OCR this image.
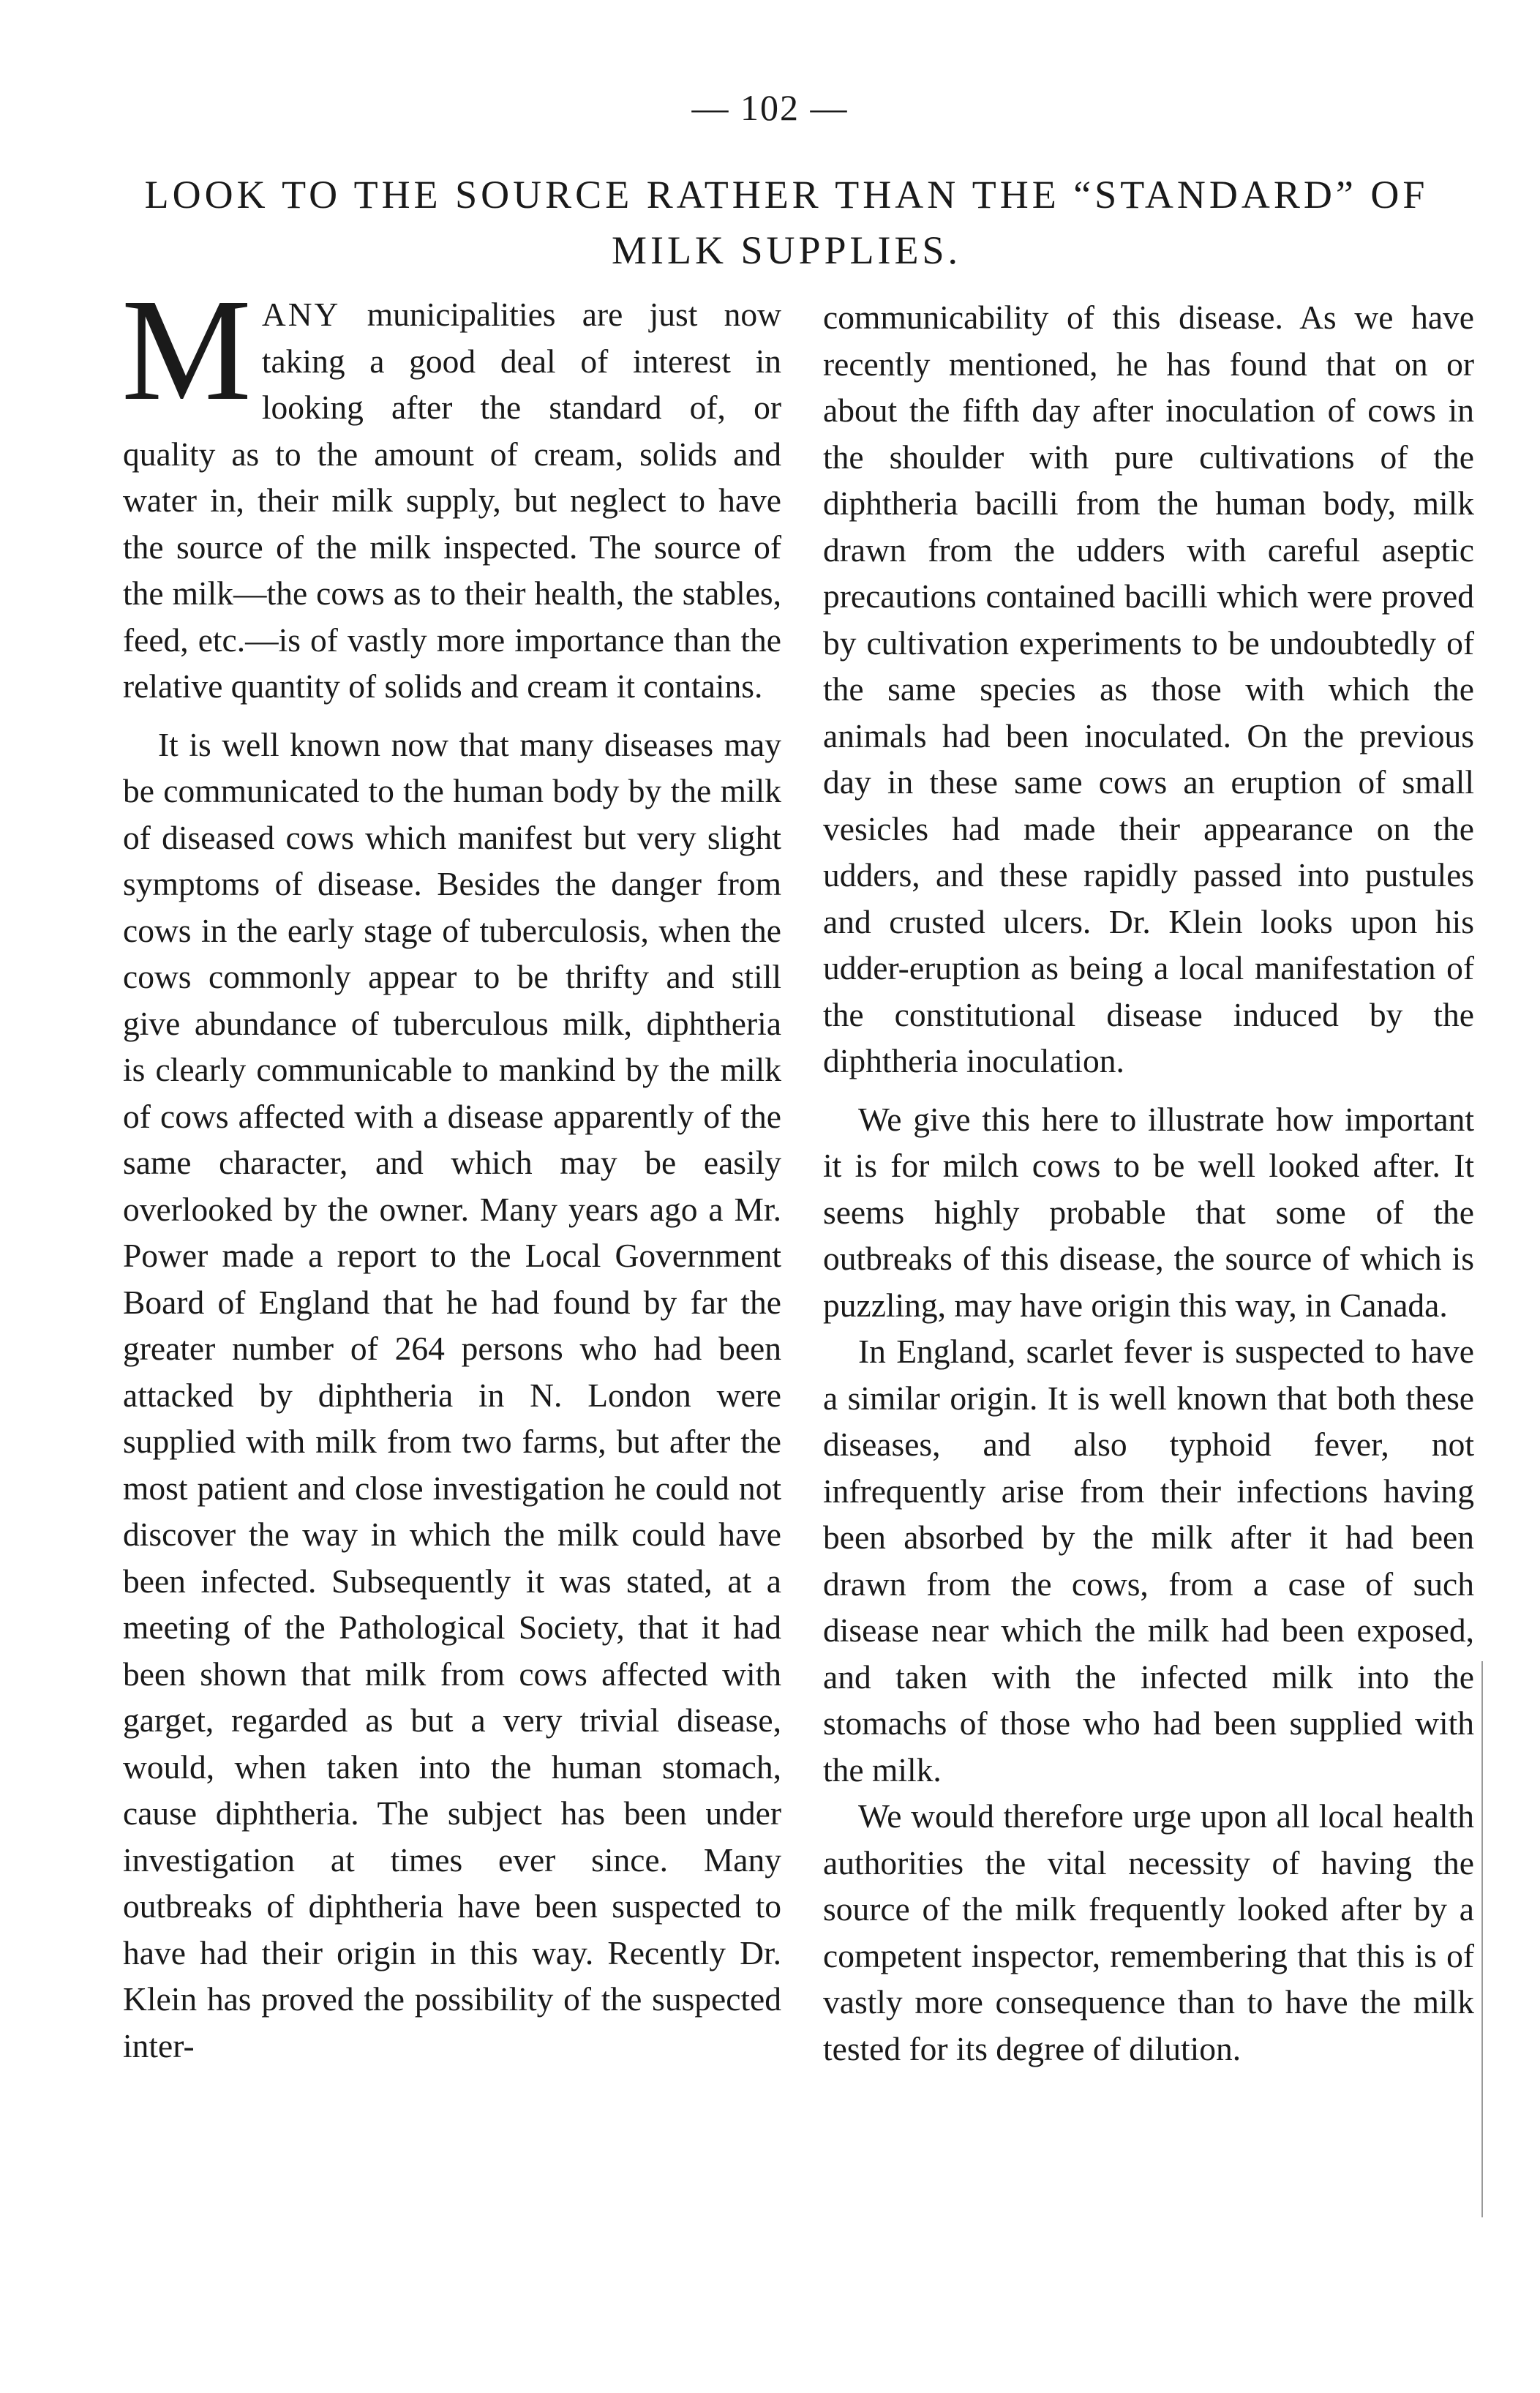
— 102 —
LOOK TO THE SOURCE RATHER THAN THE “STANDARD” OF MILK SUPPLIES.

MANY municipalities are just now taking a good deal of interest in looking after the standard of, or quality as to the amount of cream, solids and water in, their milk supply, but neglect to have the source of the milk inspected. The source of the milk—the cows as to their health, the stables, feed, etc.—is of vastly more importance than the relative quantity of solids and cream it contains.

It is well known now that many diseases may be communicated to the human body by the milk of diseased cows which manifest but very slight symptoms of disease. Besides the danger from cows in the early stage of tuberculosis, when the cows commonly appear to be thrifty and still give abundance of tuberculous milk, diphtheria is clearly communicable to mankind by the milk of cows affected with a disease apparently of the same character, and which may be easily overlooked by the owner. Many years ago a Mr. Power made a report to the Local Government Board of England that he had found by far the greater number of 264 persons who had been attacked by diphtheria in N. London were supplied with milk from two farms, but after the most patient and close investigation he could not discover the way in which the milk could have been infected. Subsequently it was stated, at a meeting of the Pathological Society, that it had been shown that milk from cows affected with garget, regarded as but a very trivial disease, would, when taken into the human stomach, cause diphtheria. The subject has been under investigation at times ever since. Many outbreaks of diphtheria have been suspected to have had their origin in this way. Recently Dr. Klein has proved the possibility of the suspected inter-

communicability of this disease. As we have recently mentioned, he has found that on or about the fifth day after inoculation of cows in the shoulder with pure cultivations of the diphtheria bacilli from the human body, milk drawn from the udders with careful aseptic precautions contained bacilli which were proved by cultivation experiments to be undoubtedly of the same species as those with which the animals had been inoculated. On the previous day in these same cows an eruption of small vesicles had made their appearance on the udders, and these rapidly passed into pustules and crusted ulcers. Dr. Klein looks upon his udder-eruption as being a local manifestation of the constitutional disease induced by the diphtheria inoculation.

We give this here to illustrate how important it is for milch cows to be well looked after. It seems highly probable that some of the outbreaks of this disease, the source of which is puzzling, may have origin this way, in Canada.

In England, scarlet fever is suspected to have a similar origin. It is well known that both these diseases, and also typhoid fever, not infrequently arise from their infections having been absorbed by the milk after it had been drawn from the cows, from a case of such disease near which the milk had been exposed, and taken with the infected milk into the stomachs of those who had been supplied with the milk.

We would therefore urge upon all local health authorities the vital necessity of having the source of the milk frequently looked after by a competent inspector, remembering that this is of vastly more consequence than to have the milk tested for its degree of dilution.
